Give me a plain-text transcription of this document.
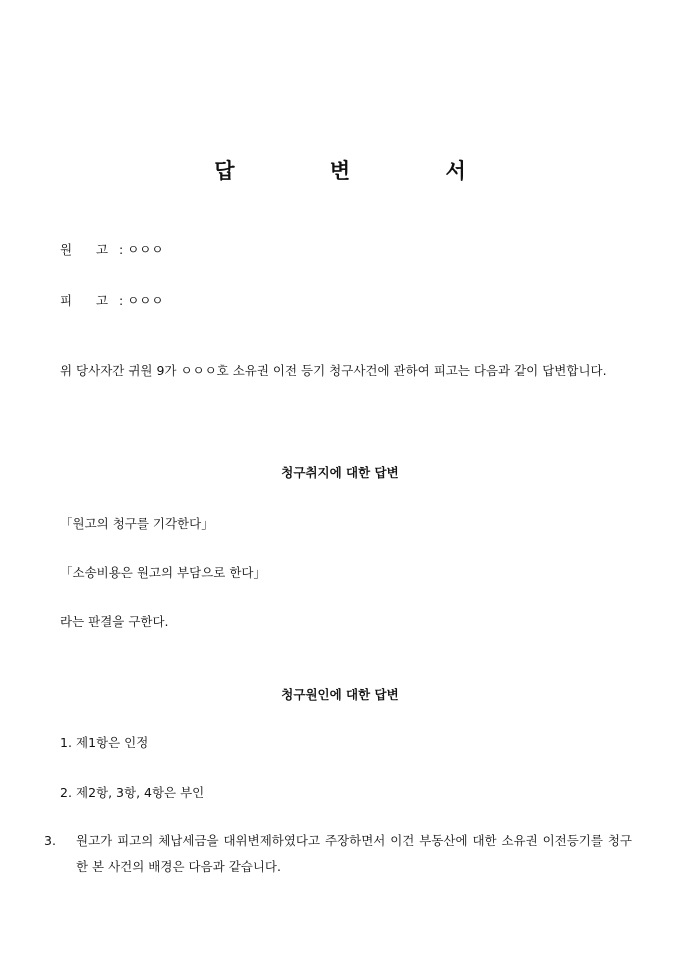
답 변 서
원 고 : ㅇㅇㅇ
피 고 : ㅇㅇㅇ
위 당사자간 귀원 9가 ㅇㅇㅇ호 소유권 이전 등기 청구사건에 관하여 피고는 다음과 같이 답변합니다.
청구취지에 대한 답변
「원고의 청구를 기각한다」
「소송비용은 원고의 부담으로 한다」
라는 판결을 구한다.
청구원인에 대한 답변
1. 제1항은 인정
2. 제2항, 3항, 4항은 부인
3. 원고가 피고의 체납세금을 대위변제하였다고 주장하면서 이건 부동산에 대한 소유권 이전등기를 청구한 본 사건의 배경은 다음과 같습니다.
